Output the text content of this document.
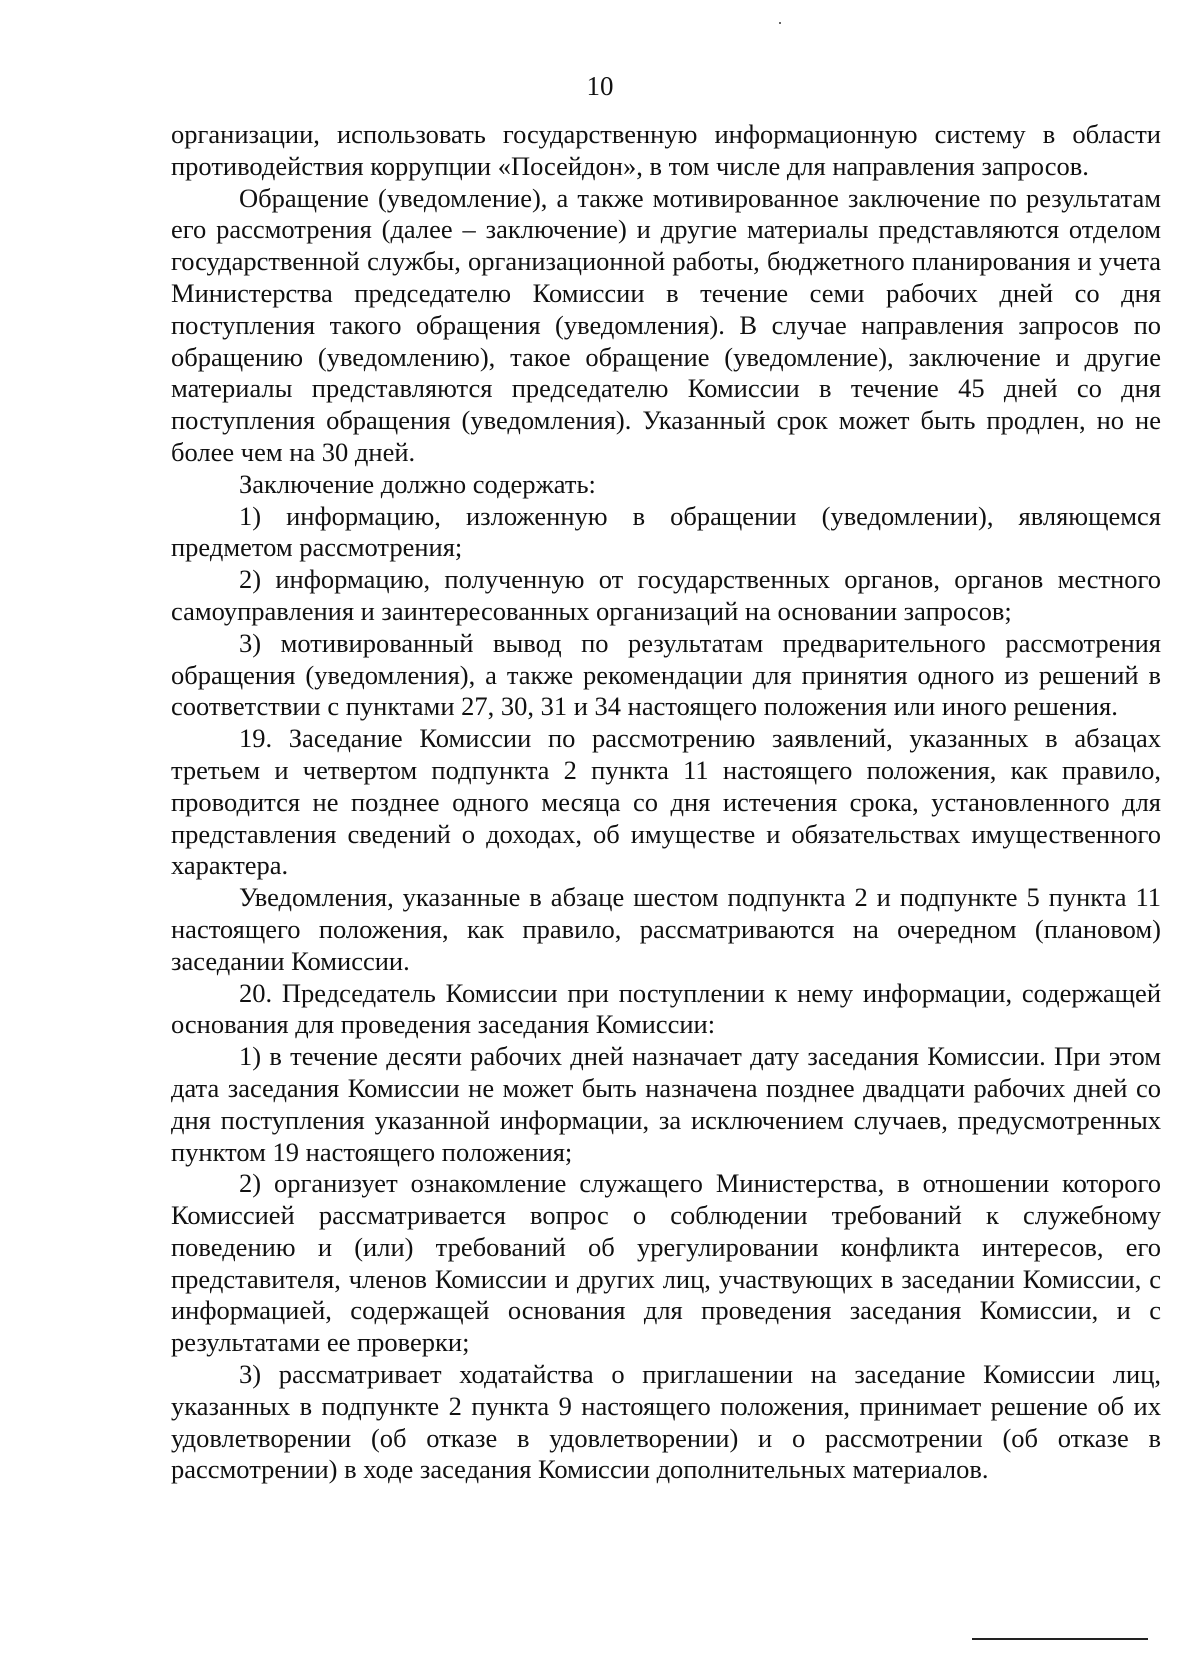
10

организации, использовать государственную информационную систему в области противодействия коррупции «Посейдон», в том числе для направления запросов.

Обращение (уведомление), а также мотивированное заключение по результатам его рассмотрения (далее – заключение) и другие материалы представляются отделом государственной службы, организационной работы, бюджетного планирования и учета Министерства председателю Комиссии в течение семи рабочих дней со дня поступления такого обращения (уведомления). В случае направления запросов по обращению (уведомлению), такое обращение (уведомление), заключение и другие материалы представляются председателю Комиссии в течение 45 дней со дня поступления обращения (уведомления). Указанный срок может быть продлен, но не более чем на 30 дней.

Заключение должно содержать:

1) информацию, изложенную в обращении (уведомлении), являющемся предметом рассмотрения;

2) информацию, полученную от государственных органов, органов местного самоуправления и заинтересованных организаций на основании запросов;

3) мотивированный вывод по результатам предварительного рассмотрения обращения (уведомления), а также рекомендации для принятия одного из решений в соответствии с пунктами 27, 30, 31 и 34 настоящего положения или иного решения.

19. Заседание Комиссии по рассмотрению заявлений, указанных в абзацах третьем и четвертом подпункта 2 пункта 11 настоящего положения, как правило, проводится не позднее одного месяца со дня истечения срока, установленного для представления сведений о доходах, об имуществе и обязательствах имущественного характера.

Уведомления, указанные в абзаце шестом подпункта 2 и подпункте 5 пункта 11 настоящего положения, как правило, рассматриваются на очередном (плановом) заседании Комиссии.

20. Председатель Комиссии при поступлении к нему информации, содержащей основания для проведения заседания Комиссии:

1) в течение десяти рабочих дней назначает дату заседания Комиссии. При этом дата заседания Комиссии не может быть назначена позднее двадцати рабочих дней со дня поступления указанной информации, за исключением случаев, предусмотренных пунктом 19 настоящего положения;

2) организует ознакомление служащего Министерства, в отношении которого Комиссией рассматривается вопрос о соблюдении требований к служебному поведению и (или) требований об урегулировании конфликта интересов, его представителя, членов Комиссии и других лиц, участвующих в заседании Комиссии, с информацией, содержащей основания для проведения заседания Комиссии, и с результатами ее проверки;

3) рассматривает ходатайства о приглашении на заседание Комиссии лиц, указанных в подпункте 2 пункта 9 настоящего положения, принимает решение об их удовлетворении (об отказе в удовлетворении) и о рассмотрении (об отказе в рассмотрении) в ходе заседания Комиссии дополнительных материалов.
